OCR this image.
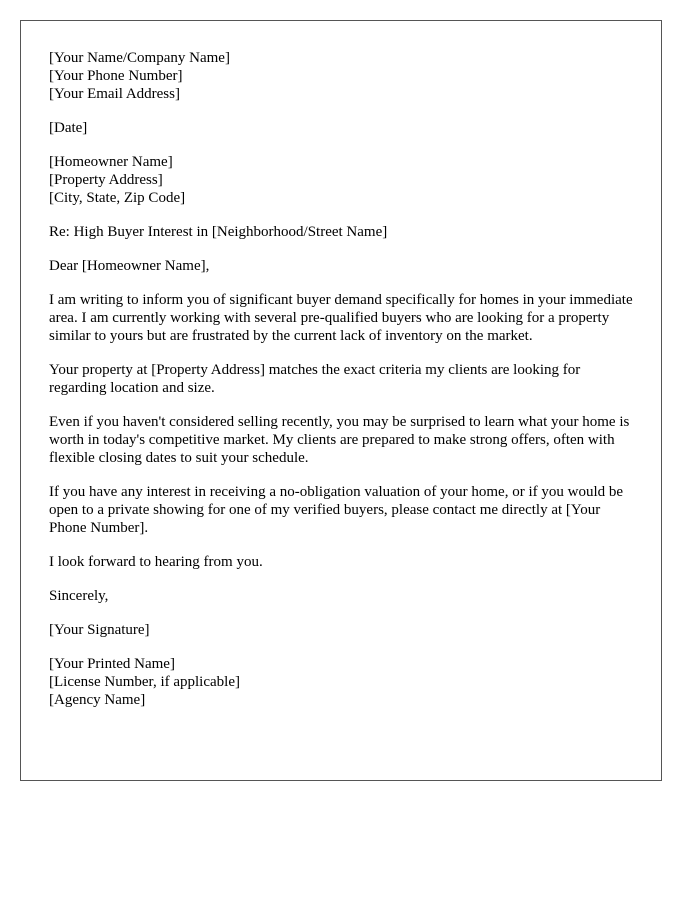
[Your Name/Company Name]
[Your Phone Number]
[Your Email Address]
[Date]
[Homeowner Name]
[Property Address]
[City, State, Zip Code]
Re: High Buyer Interest in [Neighborhood/Street Name]
Dear [Homeowner Name],

I am writing to inform you of significant buyer demand specifically for homes in your immediate area. I am currently working with several pre-qualified buyers who are looking for a property similar to yours but are frustrated by the current lack of inventory on the market.

Your property at [Property Address] matches the exact criteria my clients are looking for regarding location and size.

Even if you haven't considered selling recently, you may be surprised to learn what your home is worth in today's competitive market. My clients are prepared to make strong offers, often with flexible closing dates to suit your schedule.

If you have any interest in receiving a no-obligation valuation of your home, or if you would be open to a private showing for one of my verified buyers, please contact me directly at [Your Phone Number].

I look forward to hearing from you.

Sincerely,
[Your Signature]
[Your Printed Name]
[License Number, if applicable]
[Agency Name]
